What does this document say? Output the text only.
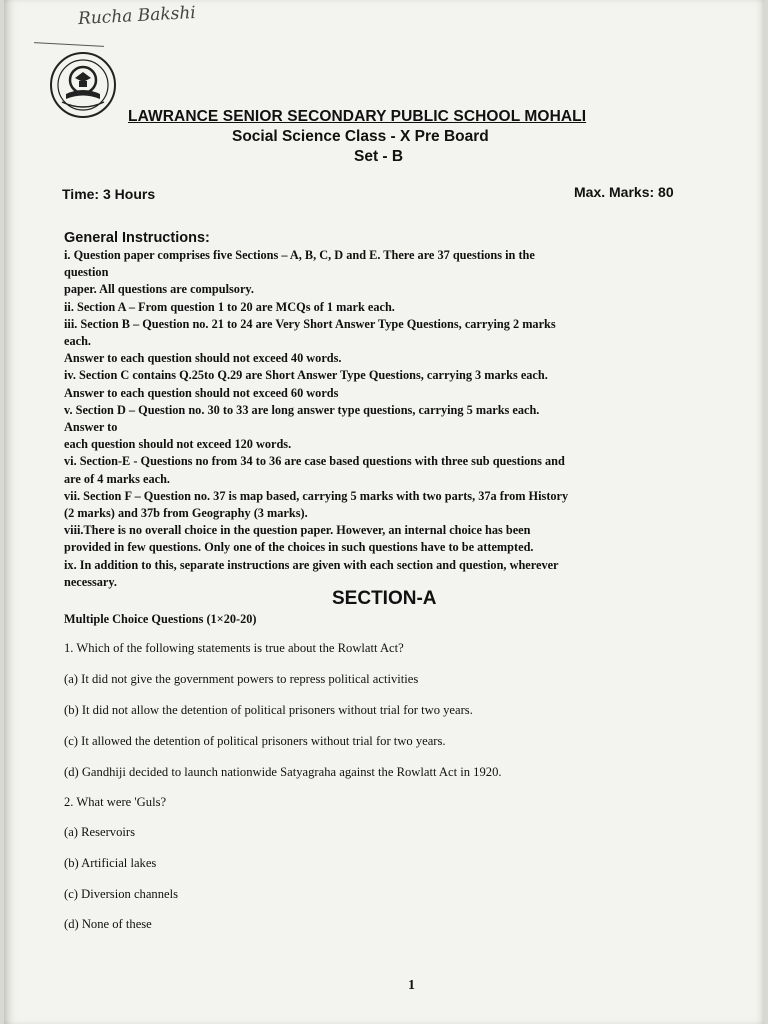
Rucha Bakshi
LAWRANCE SENIOR SECONDARY PUBLIC SCHOOL MOHALI
Social Science Class - X Pre Board
Set - B
Time: 3 Hours	Max. Marks: 80
General Instructions:
i. Question paper comprises five Sections – A, B, C, D and E. There are 37 questions in the
question
paper. All questions are compulsory.
ii. Section A – From question 1 to 20 are MCQs of 1 mark each.
iii. Section B – Question no. 21 to 24 are Very Short Answer Type Questions, carrying 2 marks
each.
Answer to each question should not exceed 40 words.
iv. Section C contains Q.25to Q.29 are Short Answer Type Questions, carrying 3 marks each.
Answer to each question should not exceed 60 words
v. Section D – Question no. 30 to 33 are long answer type questions, carrying 5 marks each.
Answer to
each question should not exceed 120 words.
vi. Section-E - Questions no from 34 to 36 are case based questions with three sub questions and
are of 4 marks each.
vii. Section F – Question no. 37 is map based, carrying 5 marks with two parts, 37a from History
(2 marks) and 37b from Geography (3 marks).
viii.There is no overall choice in the question paper. However, an internal choice has been
provided in few questions. Only one of the choices in such questions have to be attempted.
ix. In addition to this, separate instructions are given with each section and question, wherever
necessary.
SECTION-A
Multiple Choice Questions (1×20-20)
1. Which of the following statements is true about the Rowlatt Act?
(a) It did not give the government powers to repress political activities
(b) It did not allow the detention of political prisoners without trial for two years.
(c) It allowed the detention of political prisoners without trial for two years.
(d) Gandhiji decided to launch nationwide Satyagraha against the Rowlatt Act in 1920.
2. What were 'Guls?
(a) Reservoirs
(b) Artificial lakes
(c) Diversion channels
(d) None of these
1
